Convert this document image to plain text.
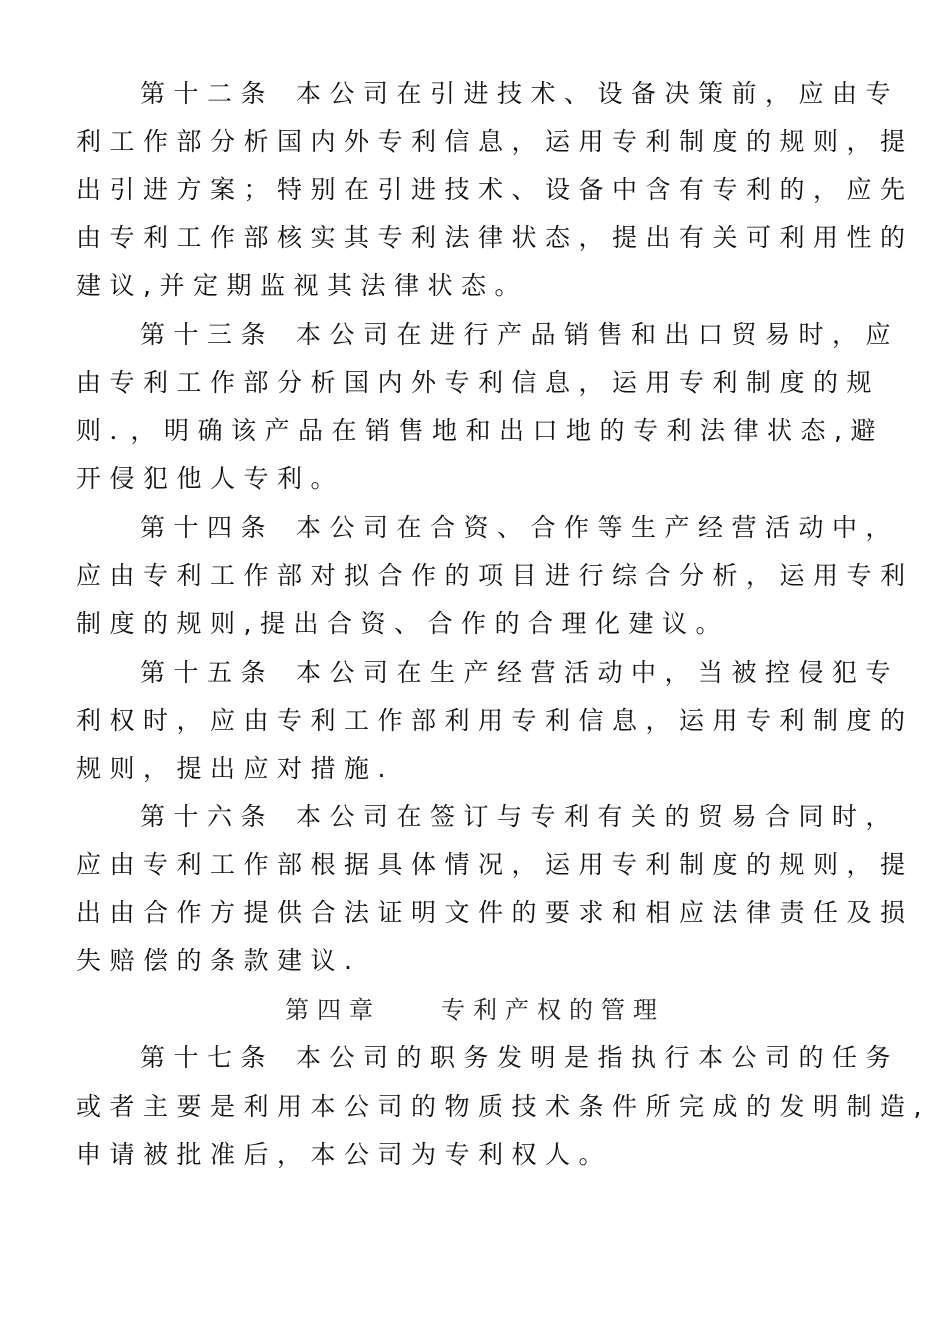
第十二条 本公司在引进技术、设备决策前，应由专
利工作部分析国内外专利信息，运用专利制度的规则，提
出引进方案；特别在引进技术、设备中含有专利的，应先
由专利工作部核实其专利法律状态，提出有关可利用性的
建议,并定期监视其法律状态。
第十三条 本公司在进行产品销售和出口贸易时，应
由专利工作部分析国内外专利信息，运用专利制度的规
则．，明确该产品在销售地和出口地的专利法律状态,避
开侵犯他人专利。
第十四条 本公司在合资、合作等生产经营活动中，
应由专利工作部对拟合作的项目进行综合分析，运用专利
制度的规则,提出合资、合作的合理化建议。
第十五条 本公司在生产经营活动中，当被控侵犯专
利权时，应由专利工作部利用专利信息，运用专利制度的
规则，提出应对措施.
第十六条 本公司在签订与专利有关的贸易合同时，
应由专利工作部根据具体情况，运用专利制度的规则，提
出由合作方提供合法证明文件的要求和相应法律责任及损
失赔偿的条款建议.
第四章	专利产权的管理
第十七条 本公司的职务发明是指执行本公司的任务
或者主要是利用本公司的物质技术条件所完成的发明制造,
申请被批准后，本公司为专利权人。
